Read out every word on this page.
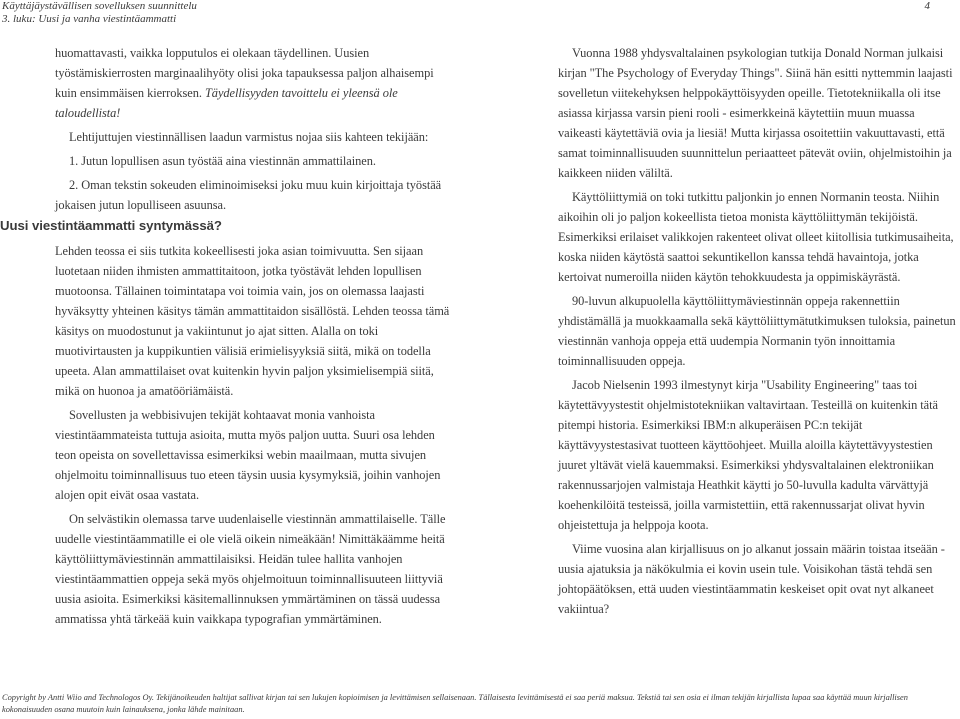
Käyttäjäystävällisen sovelluksen suunnittelu
3. luku: Uusi ja vanha viestintäammatti
4

huomattavasti, vaikka lopputulos ei olekaan täydellinen. Uusien työstämiskierrosten marginaalihyöty olisi joka tapauksessa paljon alhaisempi kuin ensimmäisen kierroksen. Täydellisyyden tavoittelu ei yleensä ole taloudellista!

Lehtijuttujen viestinnällisen laadun varmistus nojaa siis kahteen tekijään:

1. Jutun lopullisen asun työstää aina viestinnän ammattilainen.

2. Oman tekstin sokeuden eliminoimiseksi joku muu kuin kirjoittaja työstää jokaisen jutun lopulliseen asuunsa.

Uusi viestintäammatti syntymässä?

Lehden teossa ei siis tutkita kokeellisesti joka asian toimivuutta. Sen sijaan luotetaan niiden ihmisten ammattitaitoon, jotka työstävät lehden lopullisen muotoonsa. Tällainen toimintatapa voi toimia vain, jos on olemassa laajasti hyväksytty yhteinen käsitys tämän ammattitaidon sisällöstä. Lehden teossa tämä käsitys on muodostunut ja vakiintunut jo ajat sitten. Alalla on toki muotivirtausten ja kuppikuntien välisiä erimielisyyksiä siitä, mikä on todella upeeta. Alan ammattilaiset ovat kuitenkin hyvin paljon yksimielisempiä siitä, mikä on huonoa ja amatööriämäistä.

Sovellusten ja webbisivujen tekijät kohtaavat monia vanhoista viestintäammateista tuttuja asioita, mutta myös paljon uutta. Suuri osa lehden teon opeista on sovellettavissa esimerkiksi webin maailmaan, mutta sivujen ohjelmoitu toiminnallisuus tuo eteen täysin uusia kysymyksiä, joihin vanhojen alojen opit eivät osaa vastata.

On selvästikin olemassa tarve uudenlaiselle viestinnän ammattilaiselle. Tälle uudelle viestintäammatille ei ole vielä oikein nimeäkään! Nimittäkäämme heitä käyttöliittymäviestinnän ammattilaisiksi. Heidän tulee hallita vanhojen viestintäammattien oppeja sekä myös ohjelmoituun toiminnallisuuteen liittyviä uusia asioita. Esimerkiksi käsitemallinnuksen ymmärtäminen on tässä uudessa ammatissa yhtä tärkeää kuin vaikkapa typografian ymmärtäminen.

Vuonna 1988 yhdysvaltalainen psykologian tutkija Donald Norman julkaisi kirjan "The Psychology of Everyday Things". Siinä hän esitti nyttemmin laajasti sovelletun viitekehyksen helppokäyttöisyyden opeille. Tietotekniikalla oli itse asiassa kirjassa varsin pieni rooli - esimerkkeinä käytettiin muun muassa vaikeasti käytettäviä ovia ja liesiä! Mutta kirjassa osoitettiin vakuuttavasti, että samat toiminnallisuuden suunnittelun periaatteet pätevät oviin, ohjelmistoihin ja kaikkeen niiden väliltä.

Käyttöliittymiä on toki tutkittu paljonkin jo ennen Normanin teosta. Niihin aikoihin oli jo paljon kokeellista tietoa monista käyttöliittymän tekijöistä. Esimerkiksi erilaiset valikkojen rakenteet olivat olleet kiitollisia tutkimusaiheita, koska niiden käytöstä saattoi sekuntikellon kanssa tehdä havaintoja, jotka kertoivat numeroilla niiden käytön tehokkuudesta ja oppimiskäyrästä.

90-luvun alkupuolella käyttöliittymäviestinnän oppeja rakennettiin yhdistämällä ja muokkaamalla sekä käyttöliittymätutkimuksen tuloksia, painetun viestinnän vanhoja oppeja että uudempia Normanin työn innoittamia toiminnallisuuden oppeja.

Jacob Nielsenin 1993 ilmestynyt kirja "Usability Engineering" taas toi käytettävyystestit ohjelmistotekniikan valtavirtaan. Testeillä on kuitenkin tätä pitempi historia. Esimerkiksi IBM:n alkuperäisen PC:n tekijät käyttävyystestasivat tuotteen käyttöohjeet. Muilla aloilla käytettävyystestien juuret yltävät vielä kauemmaksi. Esimerkiksi yhdysvaltalainen elektroniikan rakennussarjojen valmistaja Heathkit käytti jo 50-luvulla kadulta värvättyjä koehenkilöitä testeissä, joilla varmistettiin, että rakennussarjat olivat hyvin ohjeistettuja ja helppoja koota.

Viime vuosina alan kirjallisuus on jo alkanut jossain määrin toistaa itseään - uusia ajatuksia ja näkökulmia ei kovin usein tule. Voisikohan tästä tehdä sen johtopäätöksen, että uuden viestintäammatin keskeiset opit ovat nyt alkaneet vakiintua?

Copyright by Antti Wiio and Technologos Oy. Tekijänoikeuden haltijat sallivat kirjan tai sen lukujen kopioimisen ja levittämisen sellaisenaan. Tällaisesta levittämisestä ei saa periä maksua. Tekstiä tai sen osia ei ilman tekijän kirjallista lupaa saa käyttää muun kirjallisen kokonaisuuden osana muutoin kuin lainauksena, jonka lähde mainitaan.
